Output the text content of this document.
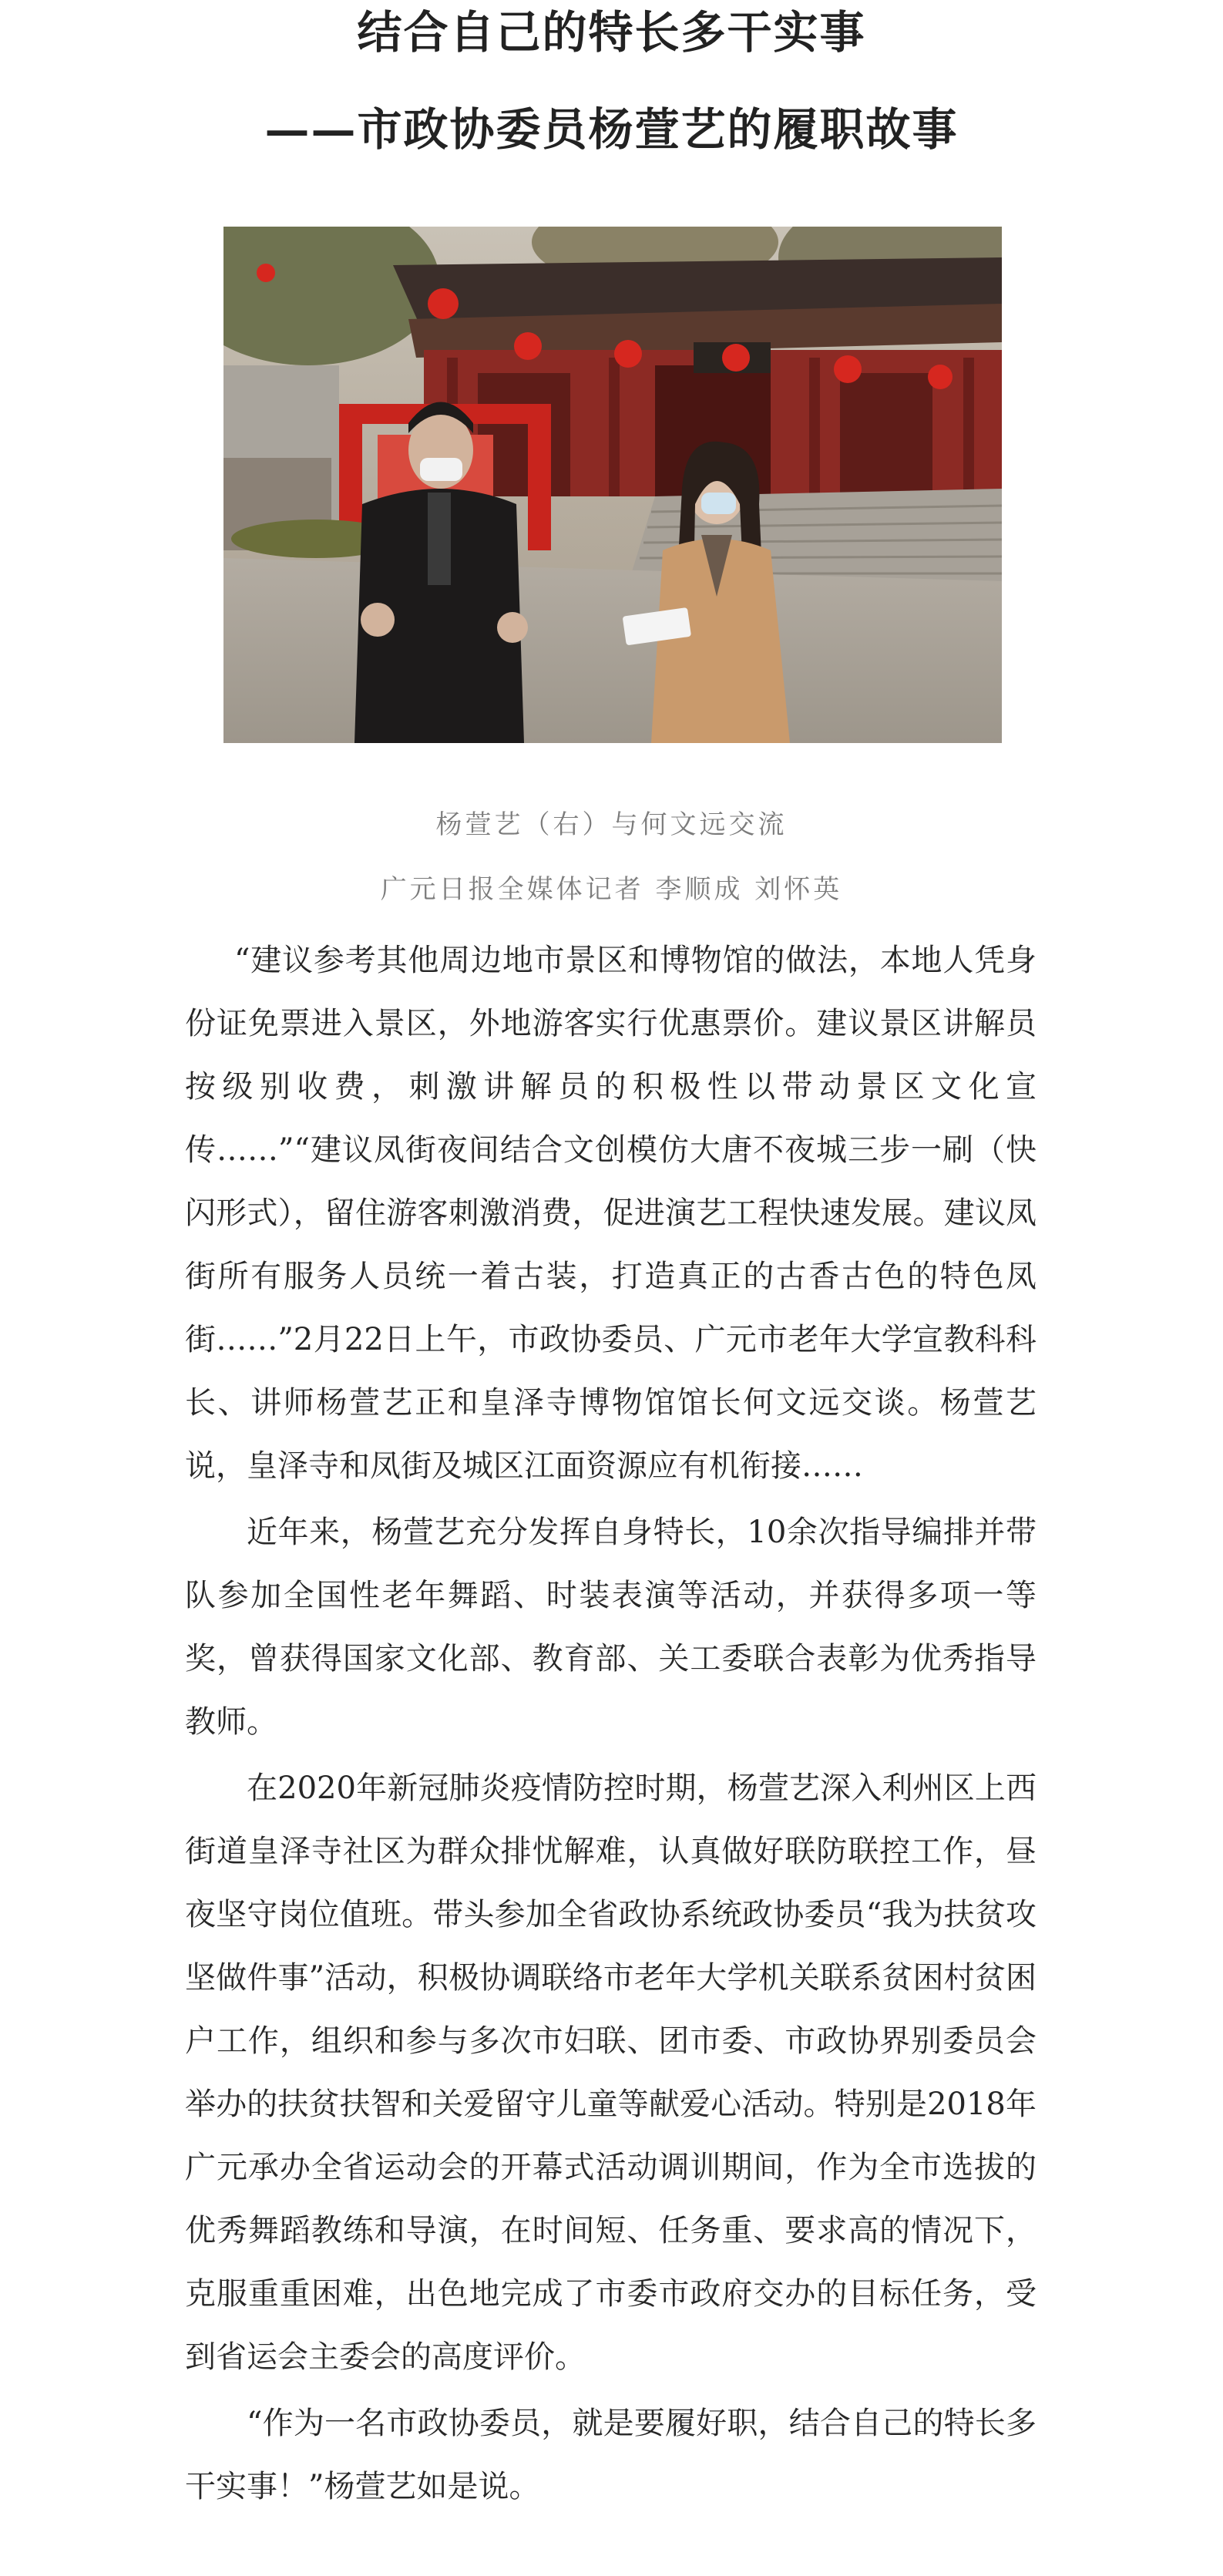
结合自己的特长多干实事
——市政协委员杨萱艺的履职故事
杨萱艺（右）与何文远交流
广元日报全媒体记者 李顺成 刘怀英

“建议参考其他周边地市景区和博物馆的做法，本地人凭身份证免票进入景区，外地游客实行优惠票价。建议景区讲解员按级别收费，刺激讲解员的积极性以带动景区文化宣传……”“建议凤街夜间结合文创模仿大唐不夜城三步一刷（快闪形式），留住游客刺激消费，促进演艺工程快速发展。建议凤街所有服务人员统一着古装，打造真正的古香古色的特色凤街……”2月22日上午，市政协委员、广元市老年大学宣教科科长、讲师杨萱艺正和皇泽寺博物馆馆长何文远交谈。杨萱艺说，皇泽寺和凤街及城区江面资源应有机衔接……

近年来，杨萱艺充分发挥自身特长，10余次指导编排并带队参加全国性老年舞蹈、时装表演等活动，并获得多项一等奖，曾获得国家文化部、教育部、关工委联合表彰为优秀指导教师。

在2020年新冠肺炎疫情防控时期，杨萱艺深入利州区上西街道皇泽寺社区为群众排忧解难，认真做好联防联控工作，昼夜坚守岗位值班。带头参加全省政协系统政协委员“我为扶贫攻坚做件事”活动，积极协调联络市老年大学机关联系贫困村贫困户工作，组织和参与多次市妇联、团市委、市政协界别委员会举办的扶贫扶智和关爱留守儿童等献爱心活动。特别是2018年广元承办全省运动会的开幕式活动调训期间，作为全市选拔的优秀舞蹈教练和导演，在时间短、任务重、要求高的情况下，克服重重困难，出色地完成了市委市政府交办的目标任务，受到省运会主委会的高度评价。

“作为一名市政协委员，就是要履好职，结合自己的特长多干实事！”杨萱艺如是说。
